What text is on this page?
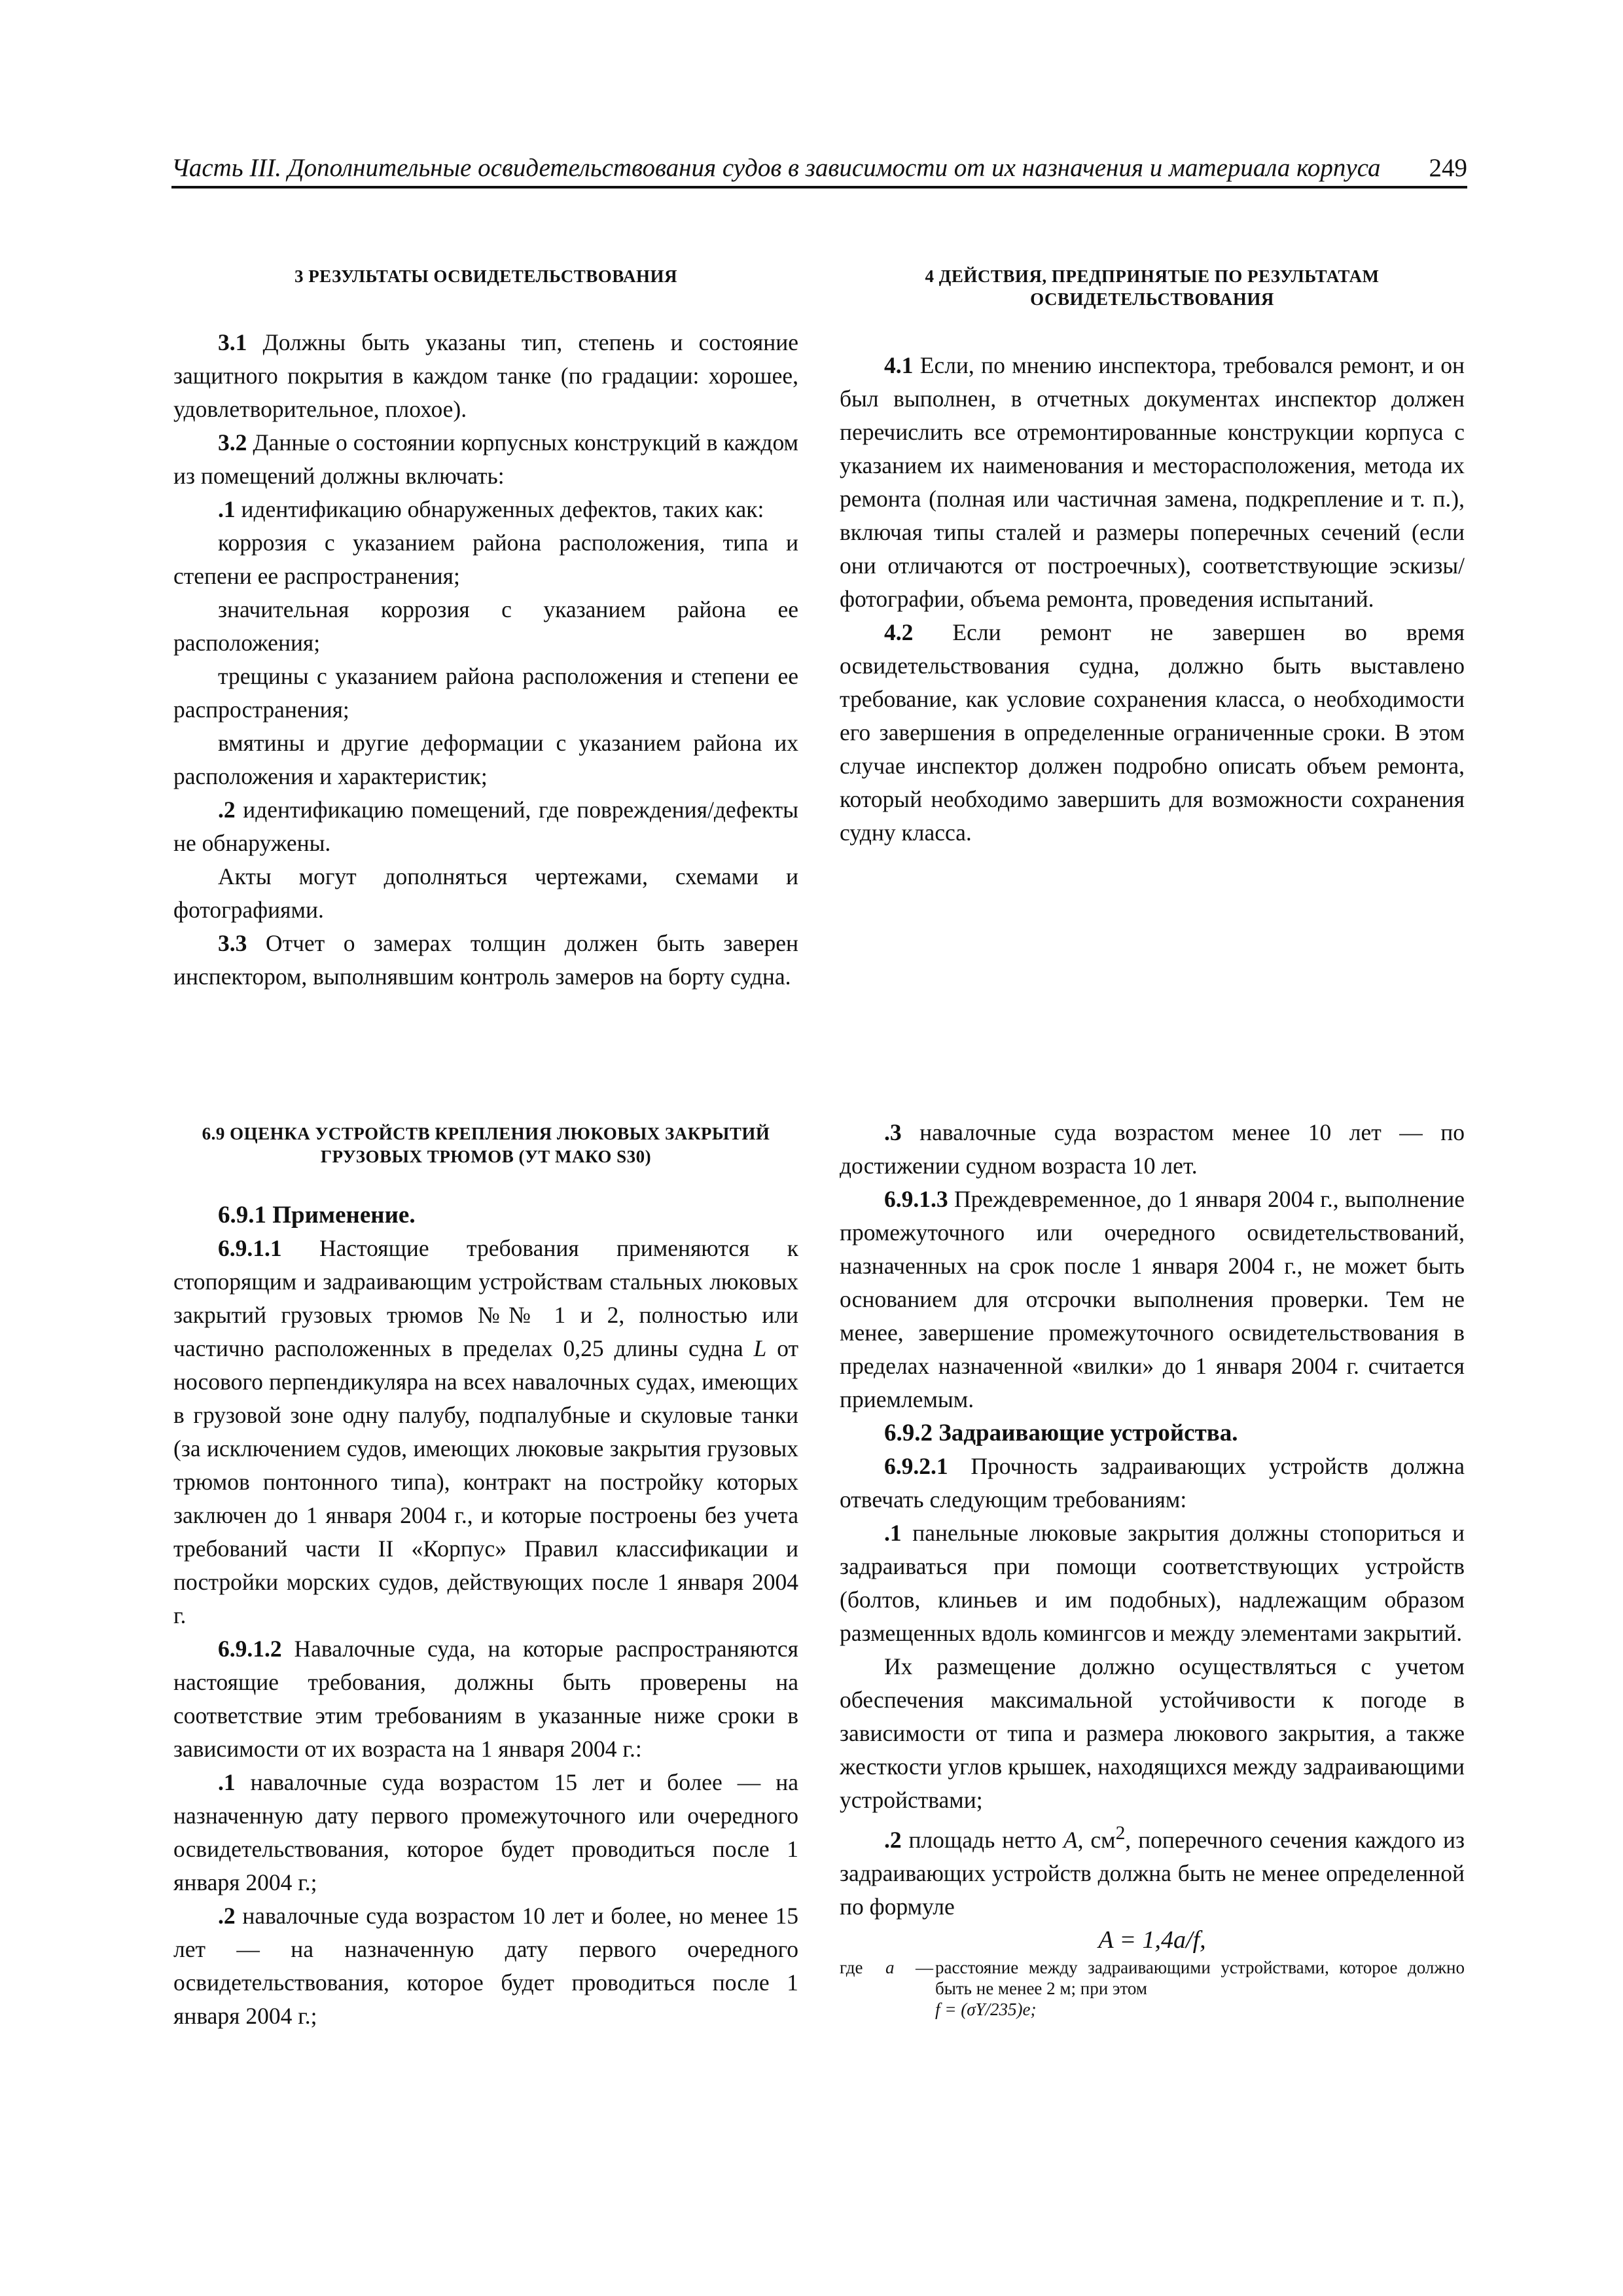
Часть III. Дополнительные освидетельствования судов в зависимости от их назначения и материала корпуса 249

3 РЕЗУЛЬТАТЫ ОСВИДЕТЕЛЬСТВОВАНИЯ

3.1 Должны быть указаны тип, степень и состояние защитного покрытия в каждом танке (по градации: хорошее, удовлетворительное, плохое).

3.2 Данные о состоянии корпусных конструкций в каждом из помещений должны включать:

.1 идентификацию обнаруженных дефектов, таких как:

коррозия с указанием района расположения, типа и степени ее распространения;

значительная коррозия с указанием района ее расположения;

трещины с указанием района расположения и степени ее распространения;

вмятины и другие деформации с указанием района их расположения и характеристик;

.2 идентификацию помещений, где повреждения/дефекты не обнаружены.

Акты могут дополняться чертежами, схемами и фотографиями.

3.3 Отчет о замерах толщин должен быть заверен инспектором, выполнявшим контроль замеров на борту судна.

4 ДЕЙСТВИЯ, ПРЕДПРИНЯТЫЕ ПО РЕЗУЛЬТАТАМ ОСВИДЕТЕЛЬСТВОВАНИЯ

4.1 Если, по мнению инспектора, требовался ремонт, и он был выполнен, в отчетных документах инспектор должен перечислить все отремонтированные конструкции корпуса с указанием их наименования и месторасположения, метода их ремонта (полная или частичная замена, подкрепление и т. п.), включая типы сталей и размеры поперечных сечений (если они отличаются от построечных), соответствующие эскизы/фотографии, объема ремонта, проведения испытаний.

4.2 Если ремонт не завершен во время освидетельствования судна, должно быть выставлено требование, как условие сохранения класса, о необходимости его завершения в определенные ограниченные сроки. В этом случае инспектор должен подробно описать объем ремонта, который необходимо завершить для возможности сохранения судну класса.

6.9 ОЦЕНКА УСТРОЙСТВ КРЕПЛЕНИЯ ЛЮКОВЫХ ЗАКРЫТИЙ ГРУЗОВЫХ ТРЮМОВ (УТ МАКО S30)

6.9.1 Применение.

6.9.1.1 Настоящие требования применяются к стопорящим и задраивающим устройствам стальных люковых закрытий грузовых трюмов №№ 1 и 2, полностью или частично расположенных в пределах 0,25 длины судна L от носового перпендикуляра на всех навалочных судах, имеющих в грузовой зоне одну палубу, подпалубные и скуловые танки (за исключением судов, имеющих люковые закрытия грузовых трюмов понтонного типа), контракт на постройку которых заключен до 1 января 2004 г., и которые построены без учета требований части II «Корпус» Правил классификации и постройки морских судов, действующих после 1 января 2004 г.

6.9.1.2 Навалочные суда, на которые распространяются настоящие требования, должны быть проверены на соответствие этим требованиям в указанные ниже сроки в зависимости от их возраста на 1 января 2004 г.:

.1 навалочные суда возрастом 15 лет и более — на назначенную дату первого промежуточного или очередного освидетельствования, которое будет проводиться после 1 января 2004 г.;

.2 навалочные суда возрастом 10 лет и более, но менее 15 лет — на назначенную дату первого очередного освидетельствования, которое будет проводиться после 1 января 2004 г.;

.3 навалочные суда возрастом менее 10 лет — по достижении судном возраста 10 лет.

6.9.1.3 Преждевременное, до 1 января 2004 г., выполнение промежуточного или очередного освидетельствований, назначенных на срок после 1 января 2004 г., не может быть основанием для отсрочки выполнения проверки. Тем не менее, завершение промежуточного освидетельствования в пределах назначенной «вилки» до 1 января 2004 г. считается приемлемым.

6.9.2 Задраивающие устройства.

6.9.2.1 Прочность задраивающих устройств должна отвечать следующим требованиям:

.1 панельные люковые закрытия должны стопориться и задраиваться при помощи соответствующих устройств (болтов, клиньев и им подобных), надлежащим образом размещенных вдоль комингсов и между элементами закрытий.

Их размещение должно осуществляться с учетом обеспечения максимальной устойчивости к погоде в зависимости от типа и размера люкового закрытия, а также жесткости углов крышек, находящихся между задраивающими устройствами;

.2 площадь нетто A, $см^2$, поперечного сечения каждого из задраивающих устройств должна быть не менее определенной по формуле

A = 1,4a/f,

где	a	— расстояние между задраивающими устройствами, которое должно быть не менее 2 м; при этом
f = (σY/235)e;
